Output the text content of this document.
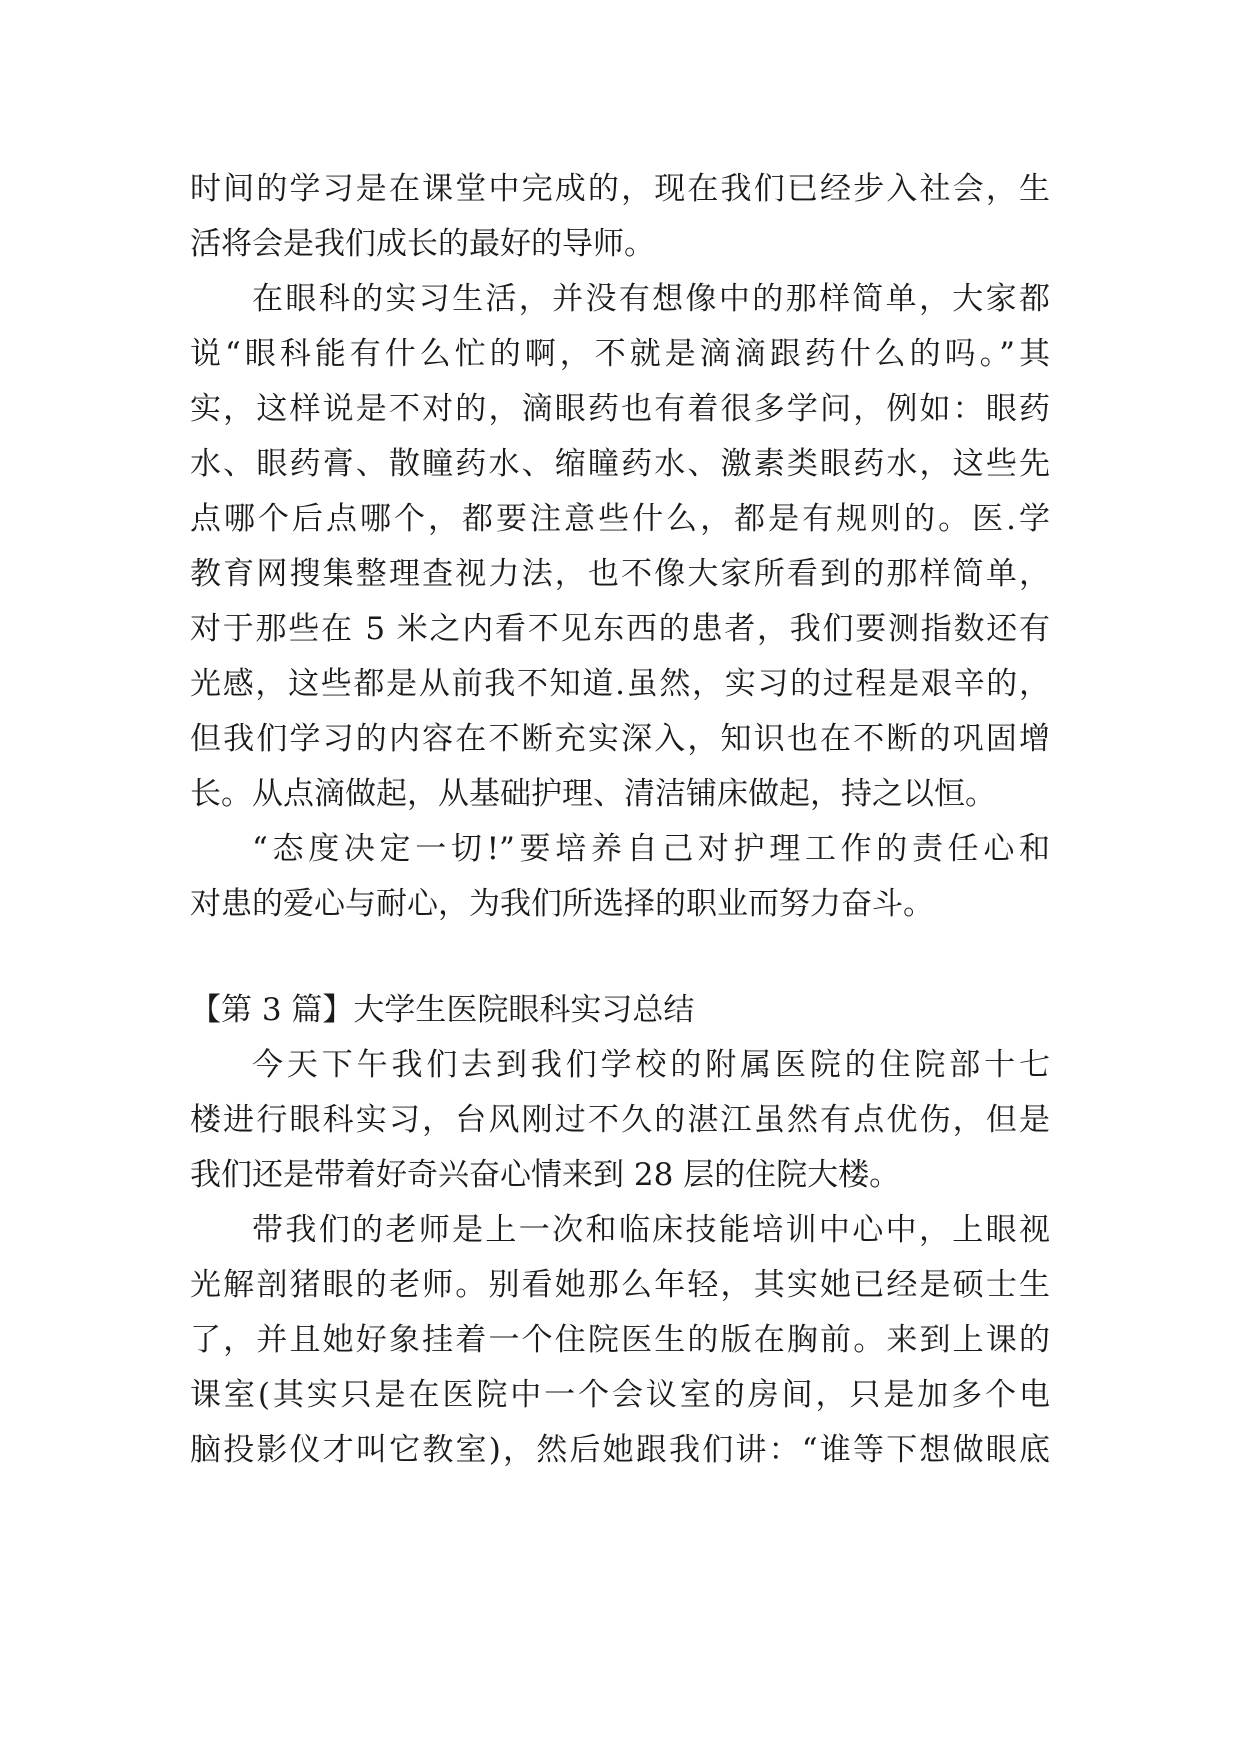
时间的学习是在课堂中完成的，现在我们已经步入社会，生
活将会是我们成长的最好的导师。
在眼科的实习生活，并没有想像中的那样简单，大家都
说“眼科能有什么忙的啊，不就是滴滴跟药什么的吗。”其
实，这样说是不对的，滴眼药也有着很多学问，例如：眼药
水、眼药膏、散瞳药水、缩瞳药水、激素类眼药水，这些先
点哪个后点哪个，都要注意些什么，都是有规则的。医.学
教育网搜集整理查视力法，也不像大家所看到的那样简单，
对于那些在 5 米之内看不见东西的患者，我们要测指数还有
光感，这些都是从前我不知道.虽然，实习的过程是艰辛的，
但我们学习的内容在不断充实深入，知识也在不断的巩固增
长。从点滴做起，从基础护理、清洁铺床做起，持之以恒。
“态度决定一切!”要培养自己对护理工作的责任心和
对患的爱心与耐心，为我们所选择的职业而努力奋斗。
【第 3 篇】大学生医院眼科实习总结
今天下午我们去到我们学校的附属医院的住院部十七
楼进行眼科实习，台风刚过不久的湛江虽然有点优伤，但是
我们还是带着好奇兴奋心情来到 28 层的住院大楼。
带我们的老师是上一次和临床技能培训中心中，上眼视
光解剖猪眼的老师。别看她那么年轻，其实她已经是硕士生
了，并且她好象挂着一个住院医生的版在胸前。来到上课的
课室(其实只是在医院中一个会议室的房间，只是加多个电
脑投影仪才叫它教室)，然后她跟我们讲：“谁等下想做眼底
